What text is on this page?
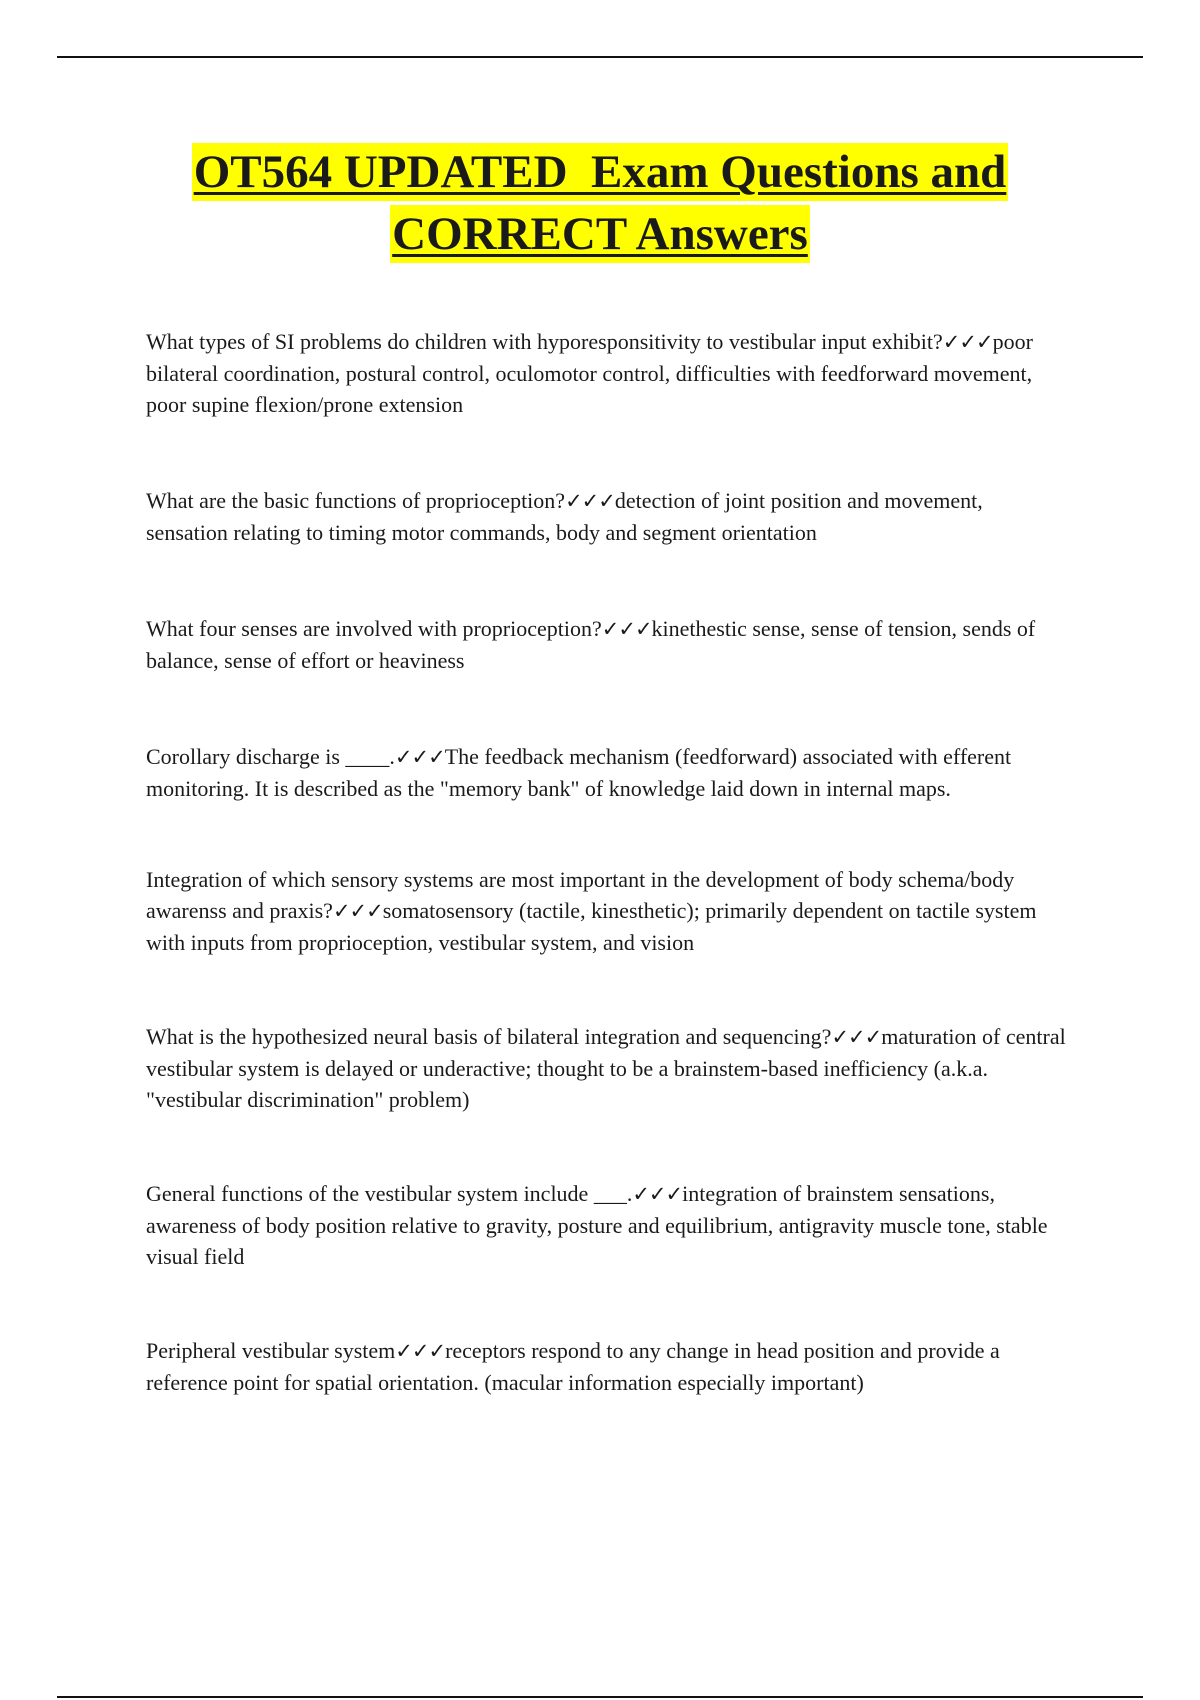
OT564 UPDATED  Exam Questions and
CORRECT Answers

What types of SI problems do children with hyporesponsitivity to vestibular input exhibit?✓✓✓poor bilateral coordination, postural control, oculomotor control, difficulties with feedforward movement, poor supine flexion/prone extension

What are the basic functions of proprioception?✓✓✓detection of joint position and movement, sensation relating to timing motor commands, body and segment orientation

What four senses are involved with proprioception?✓✓✓kinethestic sense, sense of tension, sends of balance, sense of effort or heaviness

Corollary discharge is ____.✓✓✓The feedback mechanism (feedforward) associated with efferent monitoring. It is described as the "memory bank" of knowledge laid down in internal maps.

Integration of which sensory systems are most important in the development of body schema/body awarenss and praxis?✓✓✓somatosensory (tactile, kinesthetic); primarily dependent on tactile system with inputs from proprioception, vestibular system, and vision

What is the hypothesized neural basis of bilateral integration and sequencing?✓✓✓maturation of central vestibular system is delayed or underactive; thought to be a brainstem-based inefficiency (a.k.a. "vestibular discrimination" problem)

General functions of the vestibular system include ___.✓✓✓integration of brainstem sensations, awareness of body position relative to gravity, posture and equilibrium, antigravity muscle tone, stable visual field

Peripheral vestibular system✓✓✓receptors respond to any change in head position and provide a reference point for spatial orientation. (macular information especially important)
